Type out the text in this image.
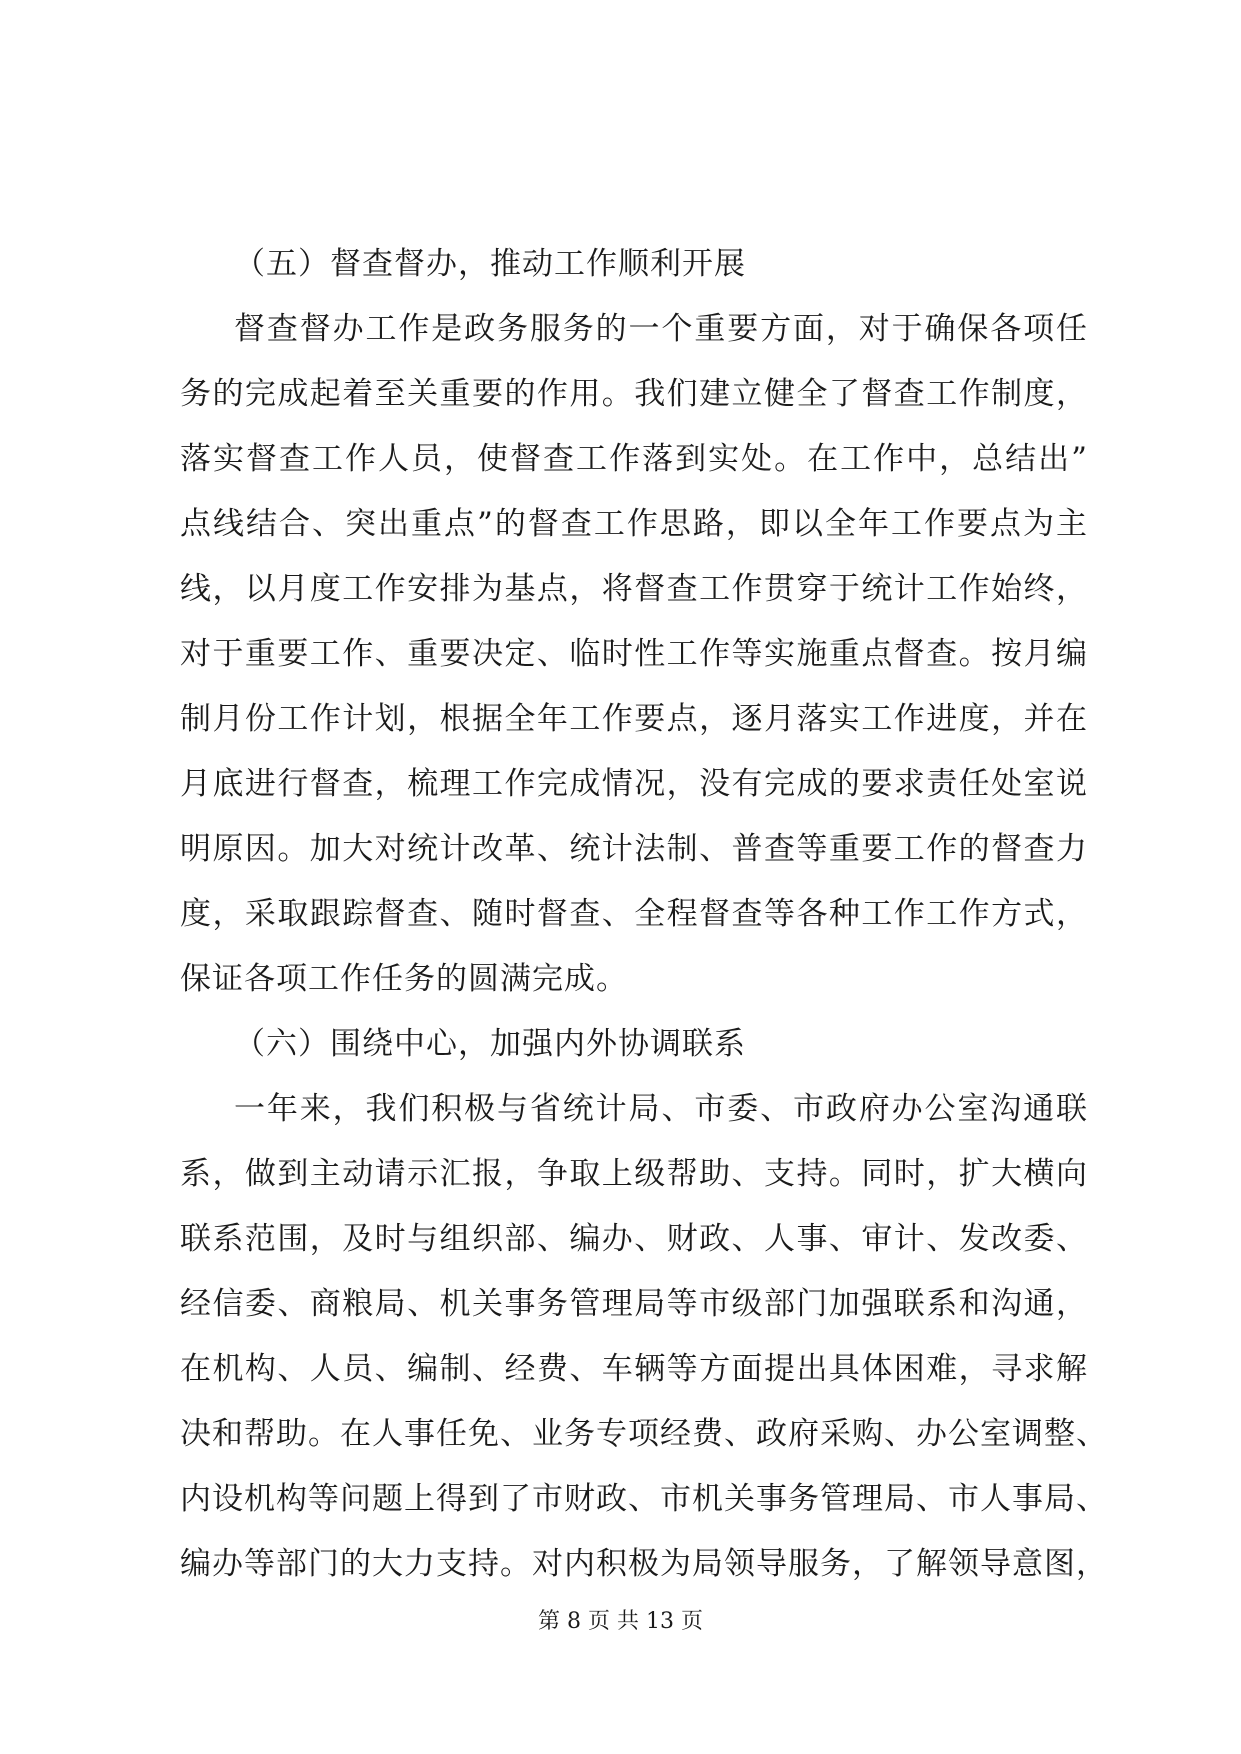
（五）督查督办，推动工作顺利开展
督查督办工作是政务服务的一个重要方面，对于确保各项任
务的完成起着至关重要的作用。我们建立健全了督查工作制度，
落实督查工作人员，使督查工作落到实处。在工作中，总结出”
点线结合、突出重点”的督查工作思路，即以全年工作要点为主
线，以月度工作安排为基点，将督查工作贯穿于统计工作始终，
对于重要工作、重要决定、临时性工作等实施重点督查。按月编
制月份工作计划，根据全年工作要点，逐月落实工作进度，并在
月底进行督查，梳理工作完成情况，没有完成的要求责任处室说
明原因。加大对统计改革、统计法制、普查等重要工作的督查力
度，采取跟踪督查、随时督查、全程督查等各种工作工作方式，
保证各项工作任务的圆满完成。
（六）围绕中心，加强内外协调联系
一年来，我们积极与省统计局、市委、市政府办公室沟通联
系，做到主动请示汇报，争取上级帮助、支持。同时，扩大横向
联系范围，及时与组织部、编办、财政、人事、审计、发改委、
经信委、商粮局、机关事务管理局等市级部门加强联系和沟通，
在机构、人员、编制、经费、车辆等方面提出具体困难，寻求解
决和帮助。在人事任免、业务专项经费、政府采购、办公室调整、
内设机构等问题上得到了市财政、市机关事务管理局、市人事局、
编办等部门的大力支持。对内积极为局领导服务，了解领导意图，
第 8 页 共 13 页
